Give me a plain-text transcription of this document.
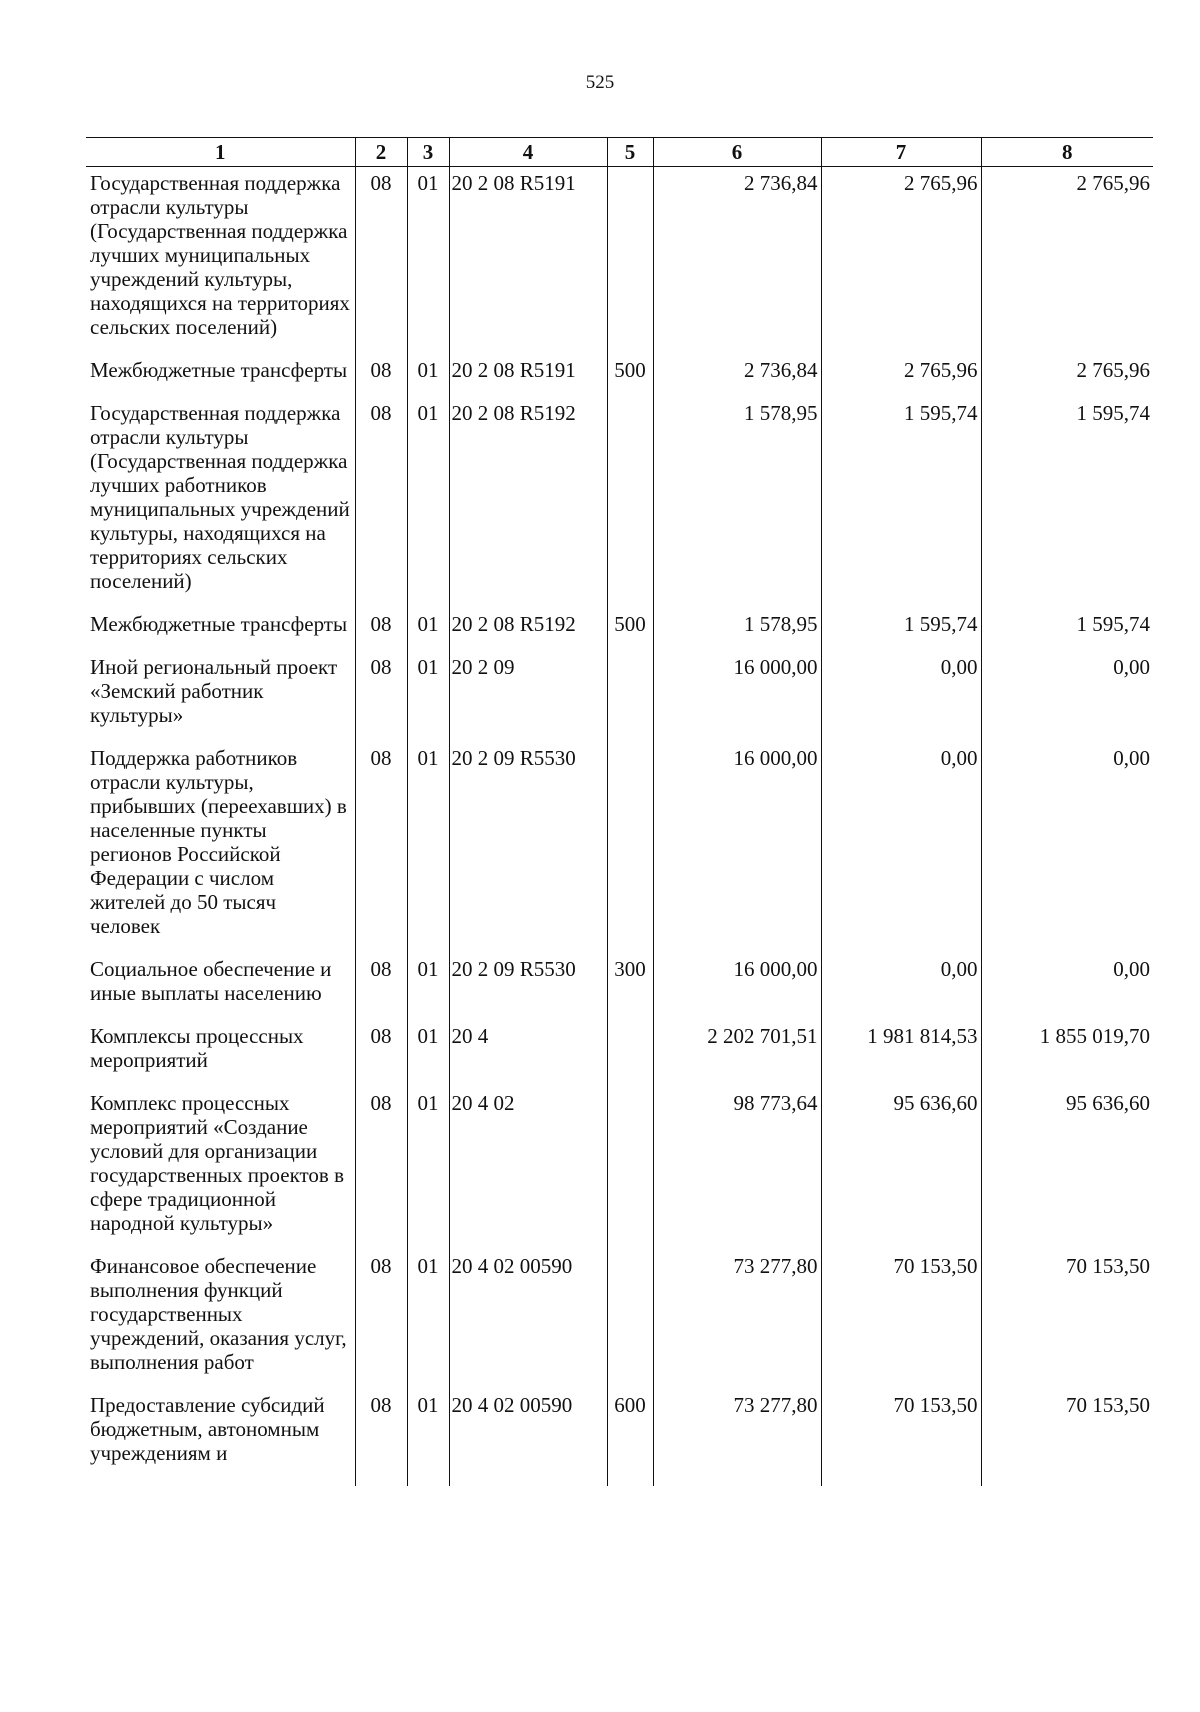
525
1	2	3	4	5	6	7	8
Государственная поддержка отрасли культуры (Государственная поддержка лучших муниципальных учреждений культуры, находящихся на территориях сельских поселений)	08	01	20 2 08 R5191		2 736,84	2 765,96	2 765,96
Межбюджетные трансферты	08	01	20 2 08 R5191	500	2 736,84	2 765,96	2 765,96
Государственная поддержка отрасли культуры (Государственная поддержка лучших работников муниципальных учреждений культуры, находящихся на территориях сельских поселений)	08	01	20 2 08 R5192		1 578,95	1 595,74	1 595,74
Межбюджетные трансферты	08	01	20 2 08 R5192	500	1 578,95	1 595,74	1 595,74
Иной региональный проект «Земский работник культуры»	08	01	20 2 09		16 000,00	0,00	0,00
Поддержка работников отрасли культуры, прибывших (переехавших) в населенные пункты регионов Российской Федерации с числом жителей до 50 тысяч человек	08	01	20 2 09 R5530		16 000,00	0,00	0,00
Социальное обеспечение и иные выплаты населению	08	01	20 2 09 R5530	300	16 000,00	0,00	0,00
Комплексы процессных мероприятий	08	01	20 4		2 202 701,51	1 981 814,53	1 855 019,70
Комплекс процессных мероприятий «Создание условий для организации государственных проектов в сфере традиционной народной культуры»	08	01	20 4 02		98 773,64	95 636,60	95 636,60
Финансовое обеспечение выполнения функций государственных учреждений, оказания услуг, выполнения работ	08	01	20 4 02 00590		73 277,80	70 153,50	70 153,50
Предоставление субсидий бюджетным, автономным учреждениям и	08	01	20 4 02 00590	600	73 277,80	70 153,50	70 153,50
